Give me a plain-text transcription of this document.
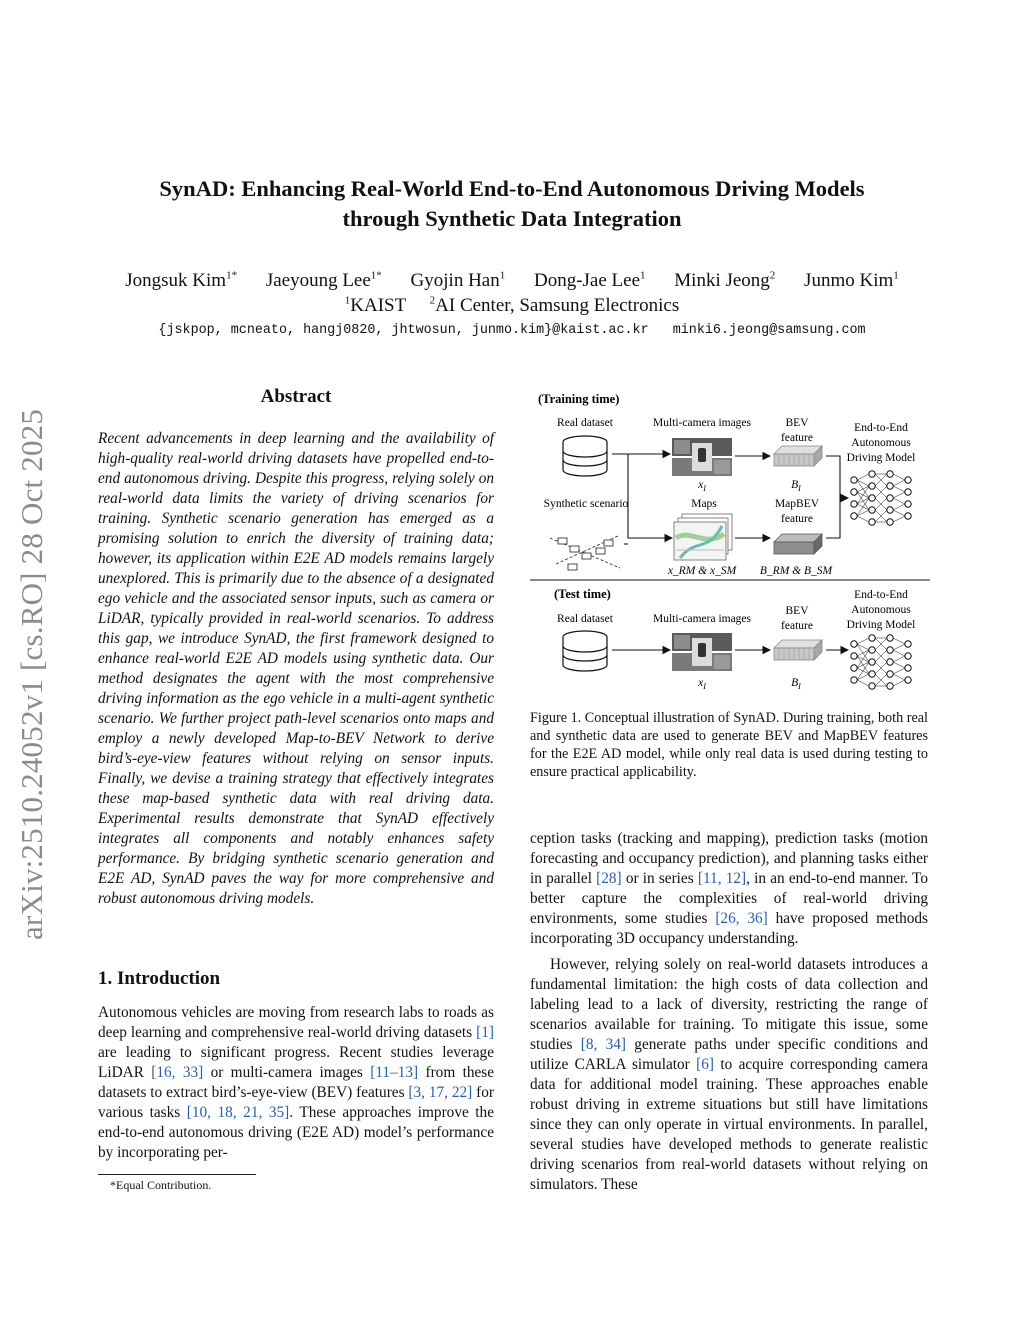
arXiv:2510.24052v1 [cs.RO] 28 Oct 2025
SynAD: Enhancing Real-World End-to-End Autonomous Driving Models
through Synthetic Data Integration
Jongsuk Kim$^{1*}$ Jaeyoung Lee$^{1*}$ Gyojin Han$^1$ Dong-Jae Lee$^1$ Minki Jeong$^2$ Junmo Kim$^1$
$^1$KAIST $^2$AI Center, Samsung Electronics
{jskpop, mcneato, hangj0820, jhtwosun, junmo.kim}@kaist.ac.kr   minki6.jeong@samsung.com
Abstract
Recent advancements in deep learning and the availability of high-quality real-world driving datasets have propelled end-to-end autonomous driving. Despite this progress, relying solely on real-world data limits the variety of driving scenarios for training. Synthetic scenario generation has emerged as a promising solution to enrich the diversity of training data; however, its application within E2E AD models remains largely unexplored. This is primarily due to the absence of a designated ego vehicle and the associated sensor inputs, such as camera or LiDAR, typically provided in real-world scenarios. To address this gap, we introduce SynAD, the first framework designed to enhance real-world E2E AD models using synthetic data. Our method designates the agent with the most comprehensive driving information as the ego vehicle in a multi-agent synthetic scenario. We further project path-level scenarios onto maps and employ a newly developed Map-to-BEV Network to derive bird’s-eye-view features without relying on sensor inputs. Finally, we devise a training strategy that effectively integrates these map-based synthetic data with real driving data. Experimental results demonstrate that SynAD effectively integrates all components and notably enhances safety performance. By bridging synthetic scenario generation and E2E AD, SynAD paves the way for more comprehensive and robust autonomous driving models.
1. Introduction
Autonomous vehicles are moving from research labs to roads as deep learning and comprehensive real-world driving datasets [1] are leading to significant progress. Recent studies leverage LiDAR [16, 33] or multi-camera images [11–13] from these datasets to extract bird’s-eye-view (BEV) features [3, 17, 22] for various tasks [10, 18, 21, 35]. These approaches improve the end-to-end autonomous driving (E2E AD) model’s performance by incorporating per-
*Equal Contribution.
(Training time)
Real dataset	Multi-camera images
$x_I$
BEV
feature
$B_I$
End-to-End
Autonomous
Driving Model
Synthetic scenario	Maps
x_RM & x_SM
MapBEV
feature
B_RM & B_SM
(Test time)
Real dataset	Multi-camera images
$x_I$
BEV
feature
$B_I$
End-to-End
Autonomous
Driving Model
Figure 1. Conceptual illustration of SynAD. During training, both real and synthetic data are used to generate BEV and MapBEV features for the E2E AD model, while only real data is used during testing to ensure practical applicability.

ception tasks (tracking and mapping), prediction tasks (motion forecasting and occupancy prediction), and planning tasks either in parallel [28] or in series [11, 12], in an end-to-end manner. To better capture the complexities of real-world driving environments, some studies [26, 36] have proposed methods incorporating 3D occupancy understanding.

However, relying solely on real-world datasets introduces a fundamental limitation: the high costs of data collection and labeling lead to a lack of diversity, restricting the range of scenarios available for training. To mitigate this issue, some studies [8, 34] generate paths under specific conditions and utilize CARLA simulator [6] to acquire corresponding camera data for additional model training. These approaches enable robust driving in extreme situations but still have limitations since they can only operate in virtual environments. In parallel, several studies have developed methods to generate realistic driving scenarios from real-world datasets without relying on simulators. These
